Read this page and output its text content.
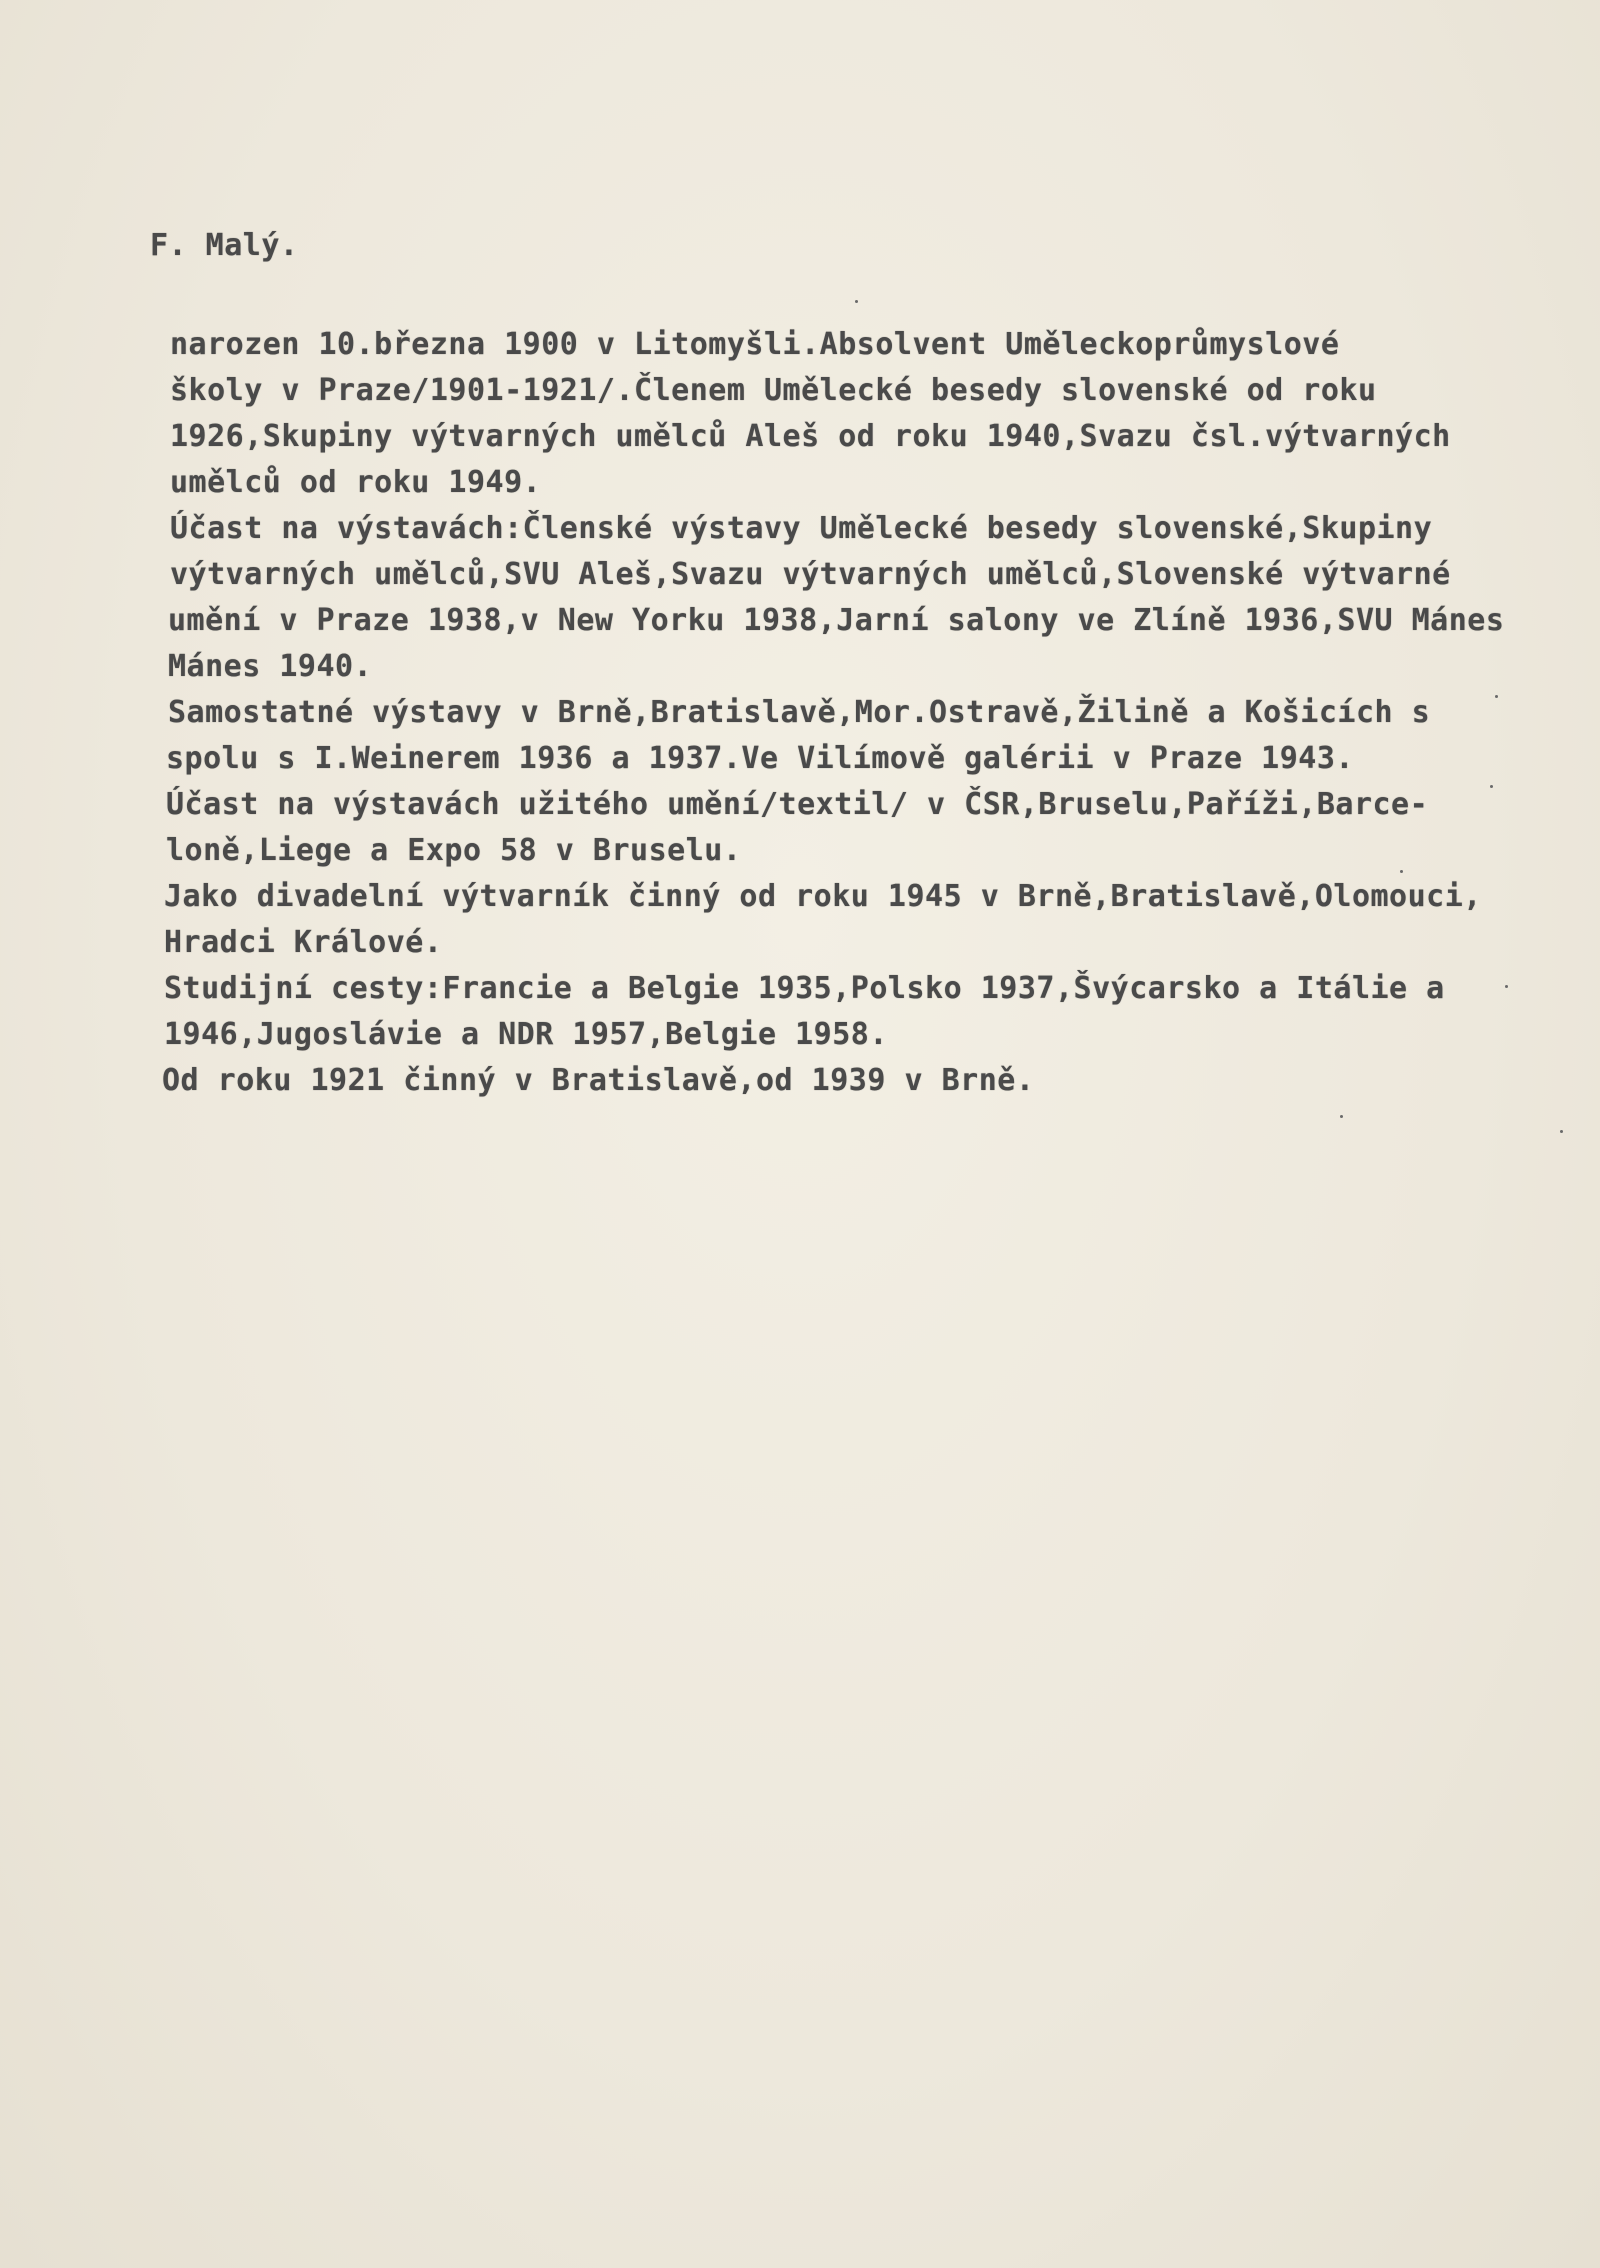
F. Malý.
narozen 10.března 1900 v Litomyšli.Absolvent Uměleckoprůmyslové
školy v Praze/1901-1921/.Členem Umělecké besedy slovenské od roku
1926,Skupiny výtvarných umělců Aleš od roku 1940,Svazu čsl.výtvarných
umělců od roku 1949.
Účast na výstavách:Členské výstavy Umělecké besedy slovenské,Skupiny
výtvarných umělců,SVU Aleš,Svazu výtvarných umělců,Slovenské výtvarné
umění v Praze 1938,v New Yorku 1938,Jarní salony ve Zlíně 1936,SVU Mánes
Mánes 1940.
Samostatné výstavy v Brně,Bratislavě,Mor.Ostravě,Žilině a Košicích s
spolu s I.Weinerem 1936 a 1937.Ve Vilímově galérii v Praze 1943.
Účast na výstavách užitého umění/textil/ v ČSR,Bruselu,Paříži,Barce-
loně,Liege a Expo 58 v Bruselu.
Jako divadelní výtvarník činný od roku 1945 v Brně,Bratislavě,Olomouci,
Hradci Králové.
Studijní cesty:Francie a Belgie 1935,Polsko 1937,Švýcarsko a Itálie a
1946,Jugoslávie a NDR 1957,Belgie 1958.
Od roku 1921 činný v Bratislavě,od 1939 v Brně.
